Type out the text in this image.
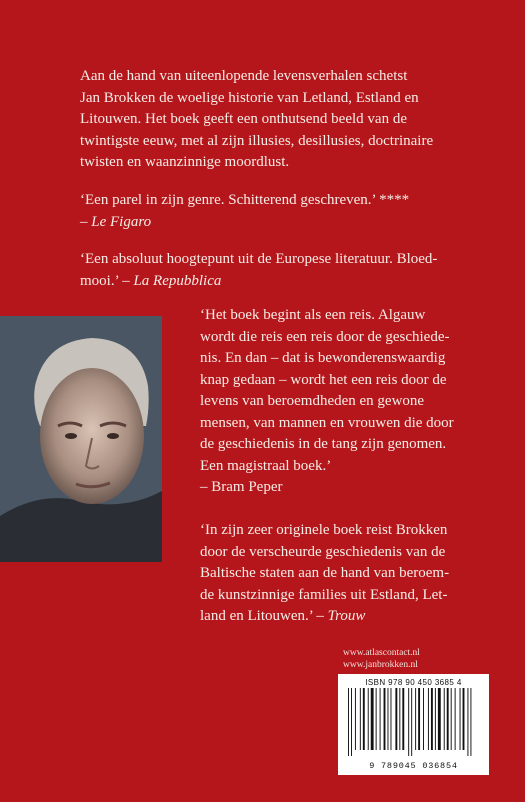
Aan de hand van uiteenlopende levensverhalen schetst
Jan Brokken de woelige historie van Letland, Estland en
Litouwen. Het boek geeft een onthutsend beeld van de
twintigste eeuw, met al zijn illusies, desillusies, doctrinaire
twisten en waanzinnige moordlust.
‘Een parel in zijn genre. Schitterend geschreven.’ ****
– Le Figaro
‘Een absoluut hoogtepunt uit de Europese literatuur. Bloed-
mooi.’ – La Repubblica
‘Het boek begint als een reis. Algauw
wordt die reis een reis door de geschiede-
nis. En dan – dat is bewonderenswaardig
knap gedaan – wordt het een reis door de
levens van beroemdheden en gewone
mensen, van mannen en vrouwen die door
de geschiedenis in de tang zijn genomen.
Een magistraal boek.’
– Bram Peper
‘In zijn zeer originele boek reist Brokken
door de verscheurde geschiedenis van de
Baltische staten aan de hand van beroem-
de kunstzinnige families uit Estland, Let-
land en Litouwen.’ – Trouw
www.atlascontact.nl
www.janbrokken.nl
ISBN 978 90 450 3685 4
9 789045 036854
